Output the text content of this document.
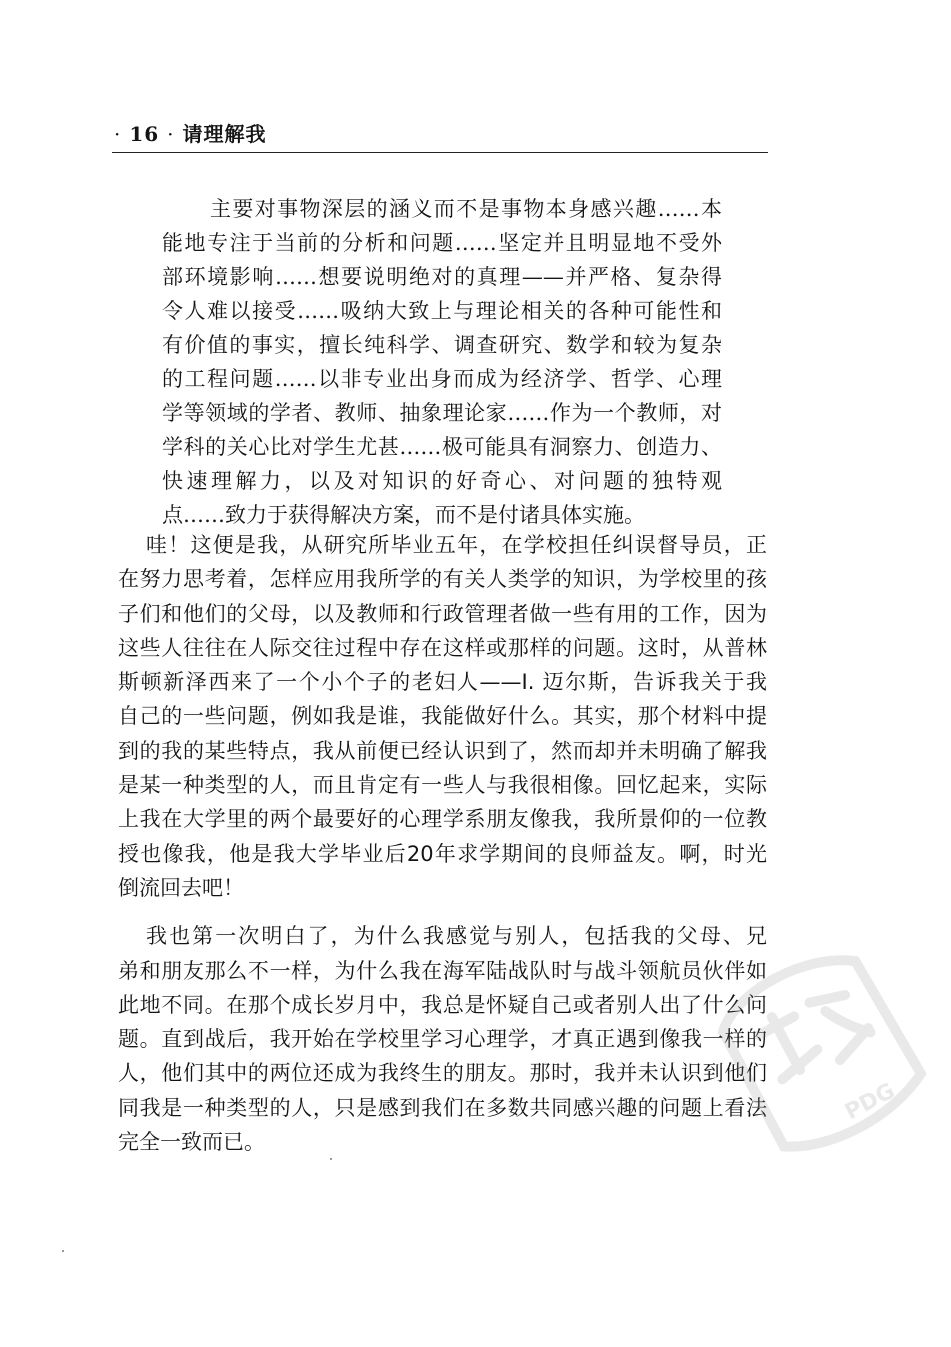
· 16 · 请理解我
主要对事物深层的涵义而不是事物本身感兴趣……本
能地专注于当前的分析和问题……坚定并且明显地不受外
部环境影响……想要说明绝对的真理——并严格、复杂得
令人难以接受……吸纳大致上与理论相关的各种可能性和
有价值的事实，擅长纯科学、调查研究、数学和较为复杂
的工程问题……以非专业出身而成为经济学、哲学、心理
学等领域的学者、教师、抽象理论家……作为一个教师，对
学科的关心比对学生尤甚……极可能具有洞察力、创造力、
快速理解力，以及对知识的好奇心、对问题的独特观
点……致力于获得解决方案，而不是付诸具体实施。
哇！这便是我，从研究所毕业五年，在学校担任纠误督导员，正
在努力思考着，怎样应用我所学的有关人类学的知识，为学校里的孩
子们和他们的父母，以及教师和行政管理者做一些有用的工作，因为
这些人往往在人际交往过程中存在这样或那样的问题。这时，从普林
斯顿新泽西来了一个小个子的老妇人——I. 迈尔斯，告诉我关于我
自己的一些问题，例如我是谁，我能做好什么。其实，那个材料中提
到的我的某些特点，我从前便已经认识到了，然而却并未明确了解我
是某一种类型的人，而且肯定有一些人与我很相像。回忆起来，实际
上我在大学里的两个最要好的心理学系朋友像我，我所景仰的一位教
授也像我，他是我大学毕业后20年求学期间的良师益友。啊，时光
倒流回去吧！
我也第一次明白了，为什么我感觉与别人，包括我的父母、兄
弟和朋友那么不一样，为什么我在海军陆战队时与战斗领航员伙伴如
此地不同。在那个成长岁月中，我总是怀疑自己或者别人出了什么问
题。直到战后，我开始在学校里学习心理学，才真正遇到像我一样的
人，他们其中的两位还成为我终生的朋友。那时，我并未认识到他们
同我是一种类型的人，只是感到我们在多数共同感兴趣的问题上看法
完全一致而已。
PDG
